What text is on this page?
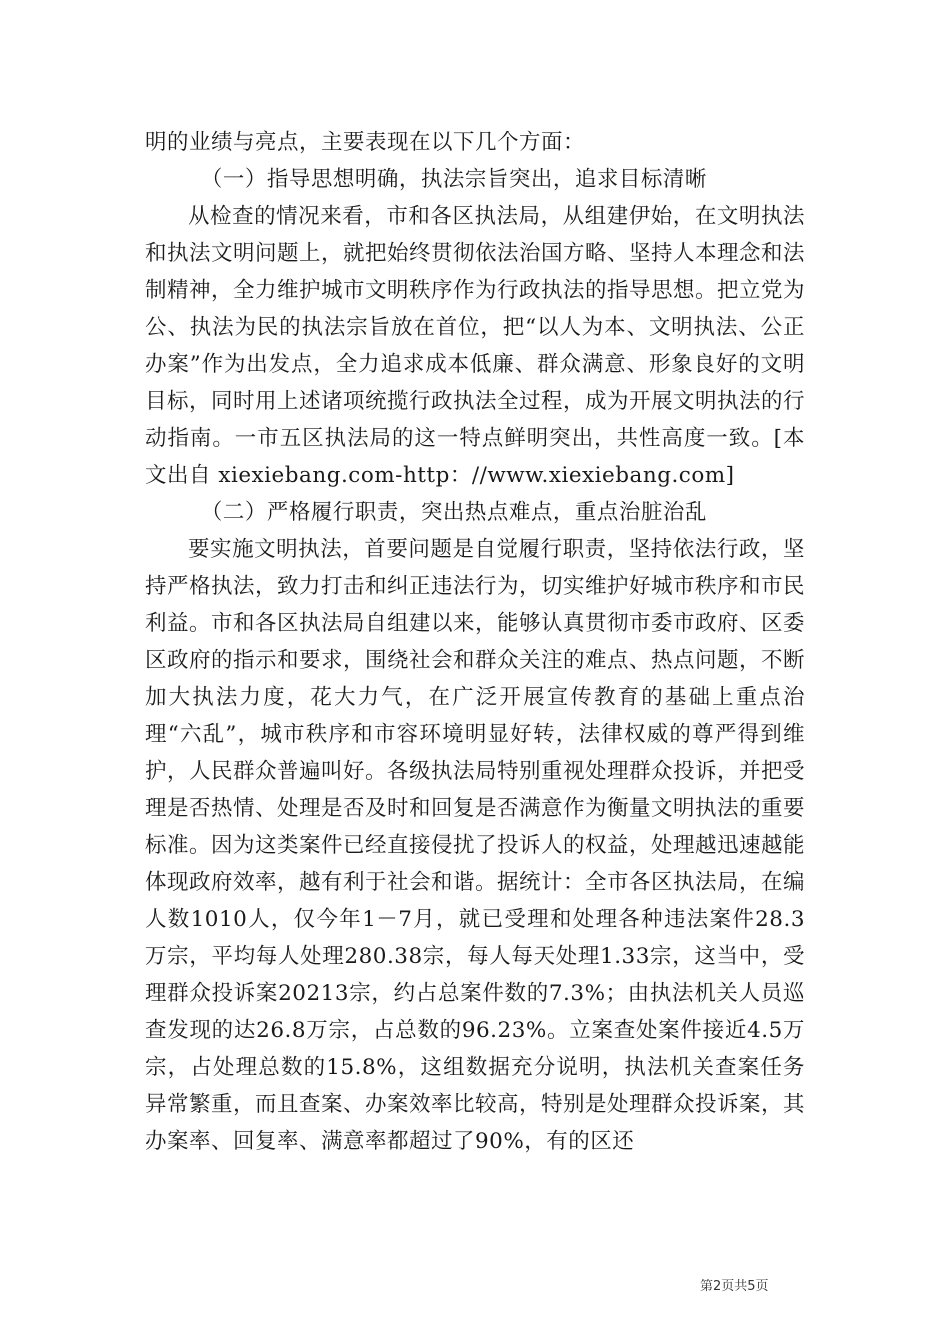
明的业绩与亮点，主要表现在以下几个方面：

（一）指导思想明确，执法宗旨突出，追求目标清晰

从检查的情况来看，市和各区执法局，从组建伊始，在文明执法和执法文明问题上，就把始终贯彻依法治国方略、坚持人本理念和法制精神，全力维护城市文明秩序作为行政执法的指导思想。把立党为公、执法为民的执法宗旨放在首位，把“以人为本、文明执法、公正办案”作为出发点，全力追求成本低廉、群众满意、形象良好的文明目标，同时用上述诸项统揽行政执法全过程，成为开展文明执法的行动指南。一市五区执法局的这一特点鲜明突出，共性高度一致。[本文出自 xiexiebang.com-http：//www.xiexiebang.com]

（二）严格履行职责，突出热点难点，重点治脏治乱

要实施文明执法，首要问题是自觉履行职责，坚持依法行政，坚持严格执法，致力打击和纠正违法行为，切实维护好城市秩序和市民利益。市和各区执法局自组建以来，能够认真贯彻市委市政府、区委区政府的指示和要求，围绕社会和群众关注的难点、热点问题，不断加大执法力度，花大力气，在广泛开展宣传教育的基础上重点治理“六乱”，城市秩序和市容环境明显好转，法律权威的尊严得到维护，人民群众普遍叫好。各级执法局特别重视处理群众投诉，并把受理是否热情、处理是否及时和回复是否满意作为衡量文明执法的重要标准。因为这类案件已经直接侵扰了投诉人的权益，处理越迅速越能体现政府效率，越有利于社会和谐。据统计：全市各区执法局，在编人数1010人，仅今年1－7月，就已受理和处理各种违法案件28.3万宗，平均每人处理280.38宗，每人每天处理1.33宗，这当中，受理群众投诉案20213宗，约占总案件数的7.3%；由执法机关人员巡查发现的达26.8万宗，占总数的96.23%。立案查处案件接近4.5万宗，占处理总数的15.8%，这组数据充分说明，执法机关查案任务异常繁重，而且查案、办案效率比较高，特别是处理群众投诉案，其办案率、回复率、满意率都超过了90%，有的区还

第2页共5页
